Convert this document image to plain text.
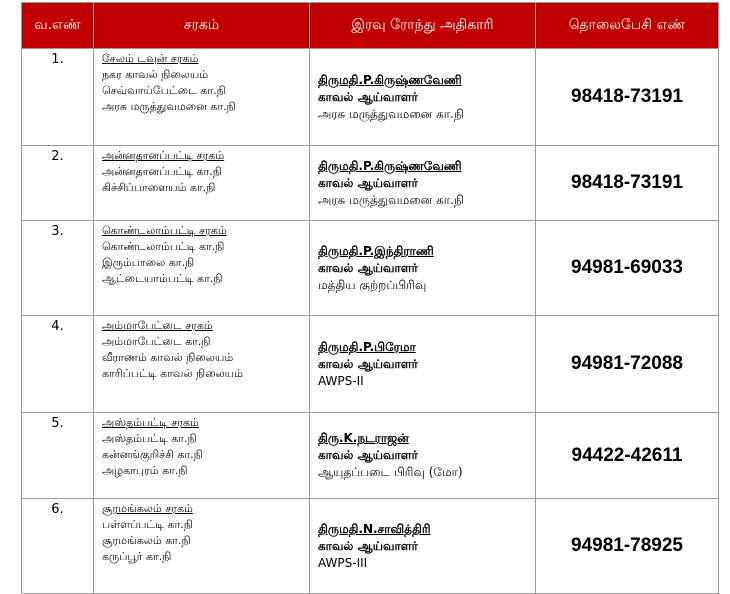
வ.எண்	சரகம்	இரவு ரோந்து அதிகாரி	தொலைபேசி எண்
1.	சேலம் டவுன் சரகம்
நகர காவல் நிலையம்
செவ்வாய்பேட்டை கா.நி
அரசு மருத்துவமனை கா.நி	திருமதி.P.கிருஷ்ணவேணி
காவல் ஆய்வாளர்
அரசு மருத்துவமனை கா.நி	98418-73191
2.	அன்னதானப்பட்டி சரகம்
அன்னதானப்பட்டி கா.நி
கிச்சிப்பாளையம் கா.நி	திருமதி.P.கிருஷ்ணவேணி
காவல் ஆய்வாளர்
அரசு மருத்துவமனை கா.நி	98418-73191
3.	கொண்டலாம்பட்டி சரகம்
கொண்டலாம்பட்டி கா.நி
இரும்பாலை கா.நி
ஆட்டையாம்பட்டி கா.நி	திருமதி.P.இந்திராணி
காவல் ஆய்வாளர்
மத்திய குற்றப்பிரிவு	94981-69033
4.	அம்மாபேட்டை சரகம்
அம்மாபேட்டை கா.நி
வீராணம் காவல் நிலையம்
காரிப்பட்டி காவல் நிலையம்	திருமதி.P.பிரேமா
காவல் ஆய்வாளர்
AWPS-II	94981-72088
5.	அஸ்தம்பட்டி சரகம்
அஸ்தம்பட்டி கா.நி
கன்னங்குறிச்சி கா.நி
அழகாபுரம் கா.நி	திரு.K.நடராஜன்
காவல் ஆய்வாளர்
ஆயுதப்படை பிரிவு (மோ)	94422-42611
6.	சூரமங்கலம் சரகம்
பள்ளப்பட்டி கா.நி
சூரமங்கலம் கா.நி
கருப்பூர் கா.நி	திருமதி.N.சாவித்திரி
காவல் ஆய்வாளர்
AWPS-III	94981-78925
